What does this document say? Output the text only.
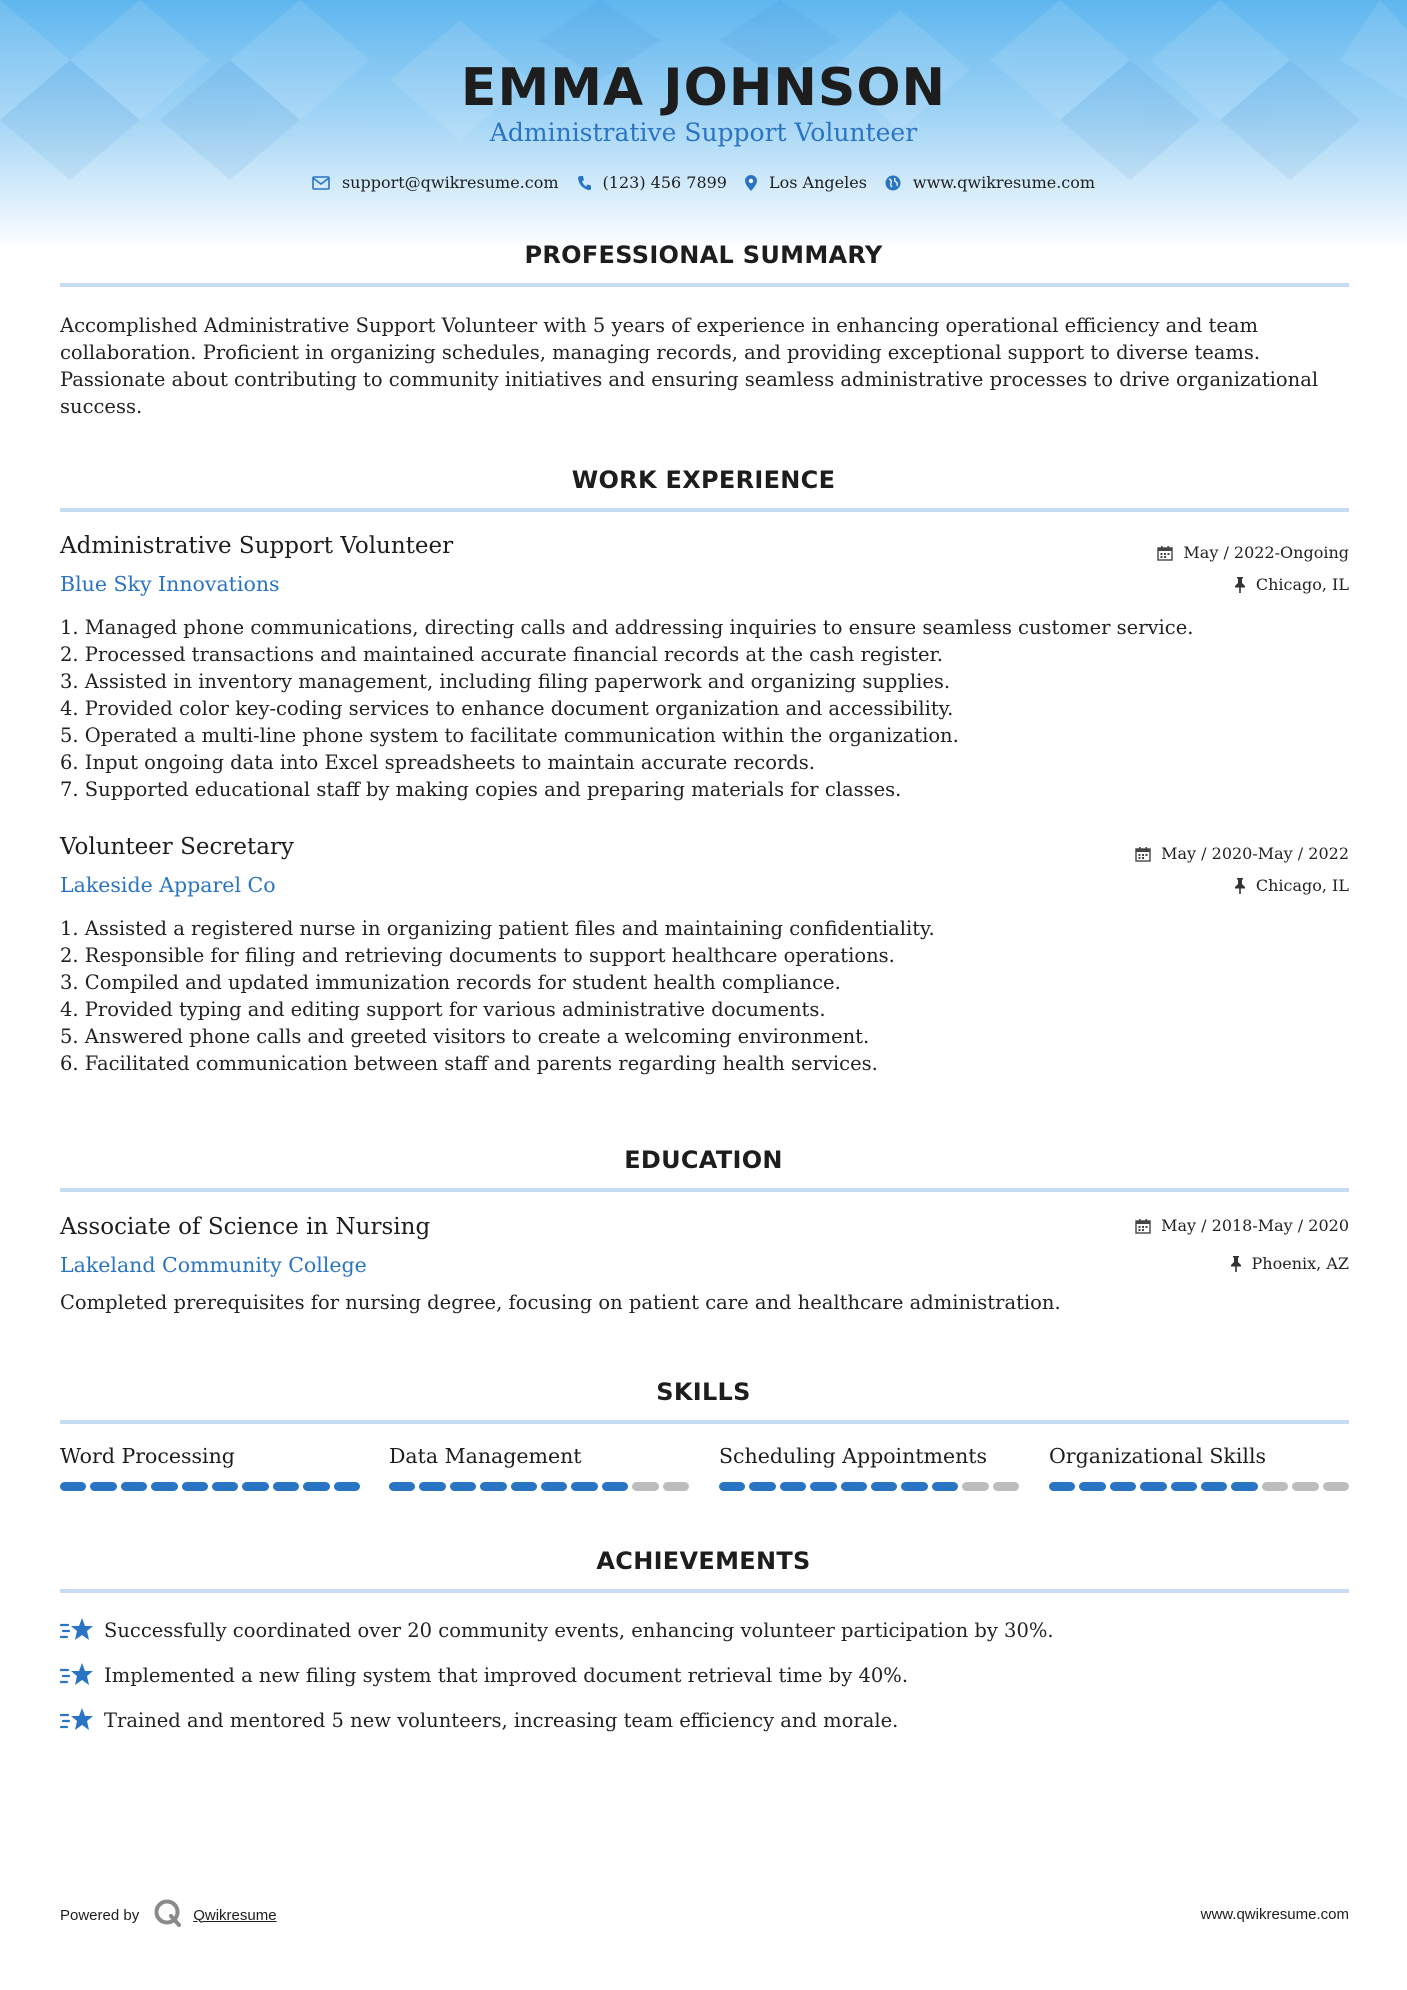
EMMA JOHNSON

Administrative Support Volunteer

support@qwikresume.com	(123) 456 7899	Los Angeles	www.qwikresume.com
PROFESSIONAL SUMMARY

Accomplished Administrative Support Volunteer with 5 years of experience in enhancing operational efficiency and team collaboration. Proficient in organizing schedules, managing records, and providing exceptional support to diverse teams. Passionate about contributing to community initiatives and ensuring seamless administrative processes to drive organizational success.

WORK EXPERIENCE

Administrative Support Volunteer	May / 2022-Ongoing

Blue Sky Innovations	Chicago, IL
1. Managed phone communications, directing calls and addressing inquiries to ensure seamless customer service.
2. Processed transactions and maintained accurate financial records at the cash register.
3. Assisted in inventory management, including filing paperwork and organizing supplies.
4. Provided color key-coding services to enhance document organization and accessibility.
5. Operated a multi-line phone system to facilitate communication within the organization.
6. Input ongoing data into Excel spreadsheets to maintain accurate records.
7. Supported educational staff by making copies and preparing materials for classes.

Volunteer Secretary	May / 2020-May / 2022

Lakeside Apparel Co	Chicago, IL
1. Assisted a registered nurse in organizing patient files and maintaining confidentiality.
2. Responsible for filing and retrieving documents to support healthcare operations.
3. Compiled and updated immunization records for student health compliance.
4. Provided typing and editing support for various administrative documents.
5. Answered phone calls and greeted visitors to create a welcoming environment.
6. Facilitated communication between staff and parents regarding health services.
EDUCATION

Associate of Science in Nursing	May / 2018-May / 2020

Lakeland Community College	Phoenix, AZ

Completed prerequisites for nursing degree, focusing on patient care and healthcare administration.

SKILLS

Word Processing	Data Management	Scheduling Appointments	Organizational Skills

ACHIEVEMENTS
Successfully coordinated over 20 community events, enhancing volunteer participation by 30%.
Implemented a new filing system that improved document retrieval time by 40%.
Trained and mentored 5 new volunteers, increasing team efficiency and morale.
Powered by	Qwikresume	www.qwikresume.com
